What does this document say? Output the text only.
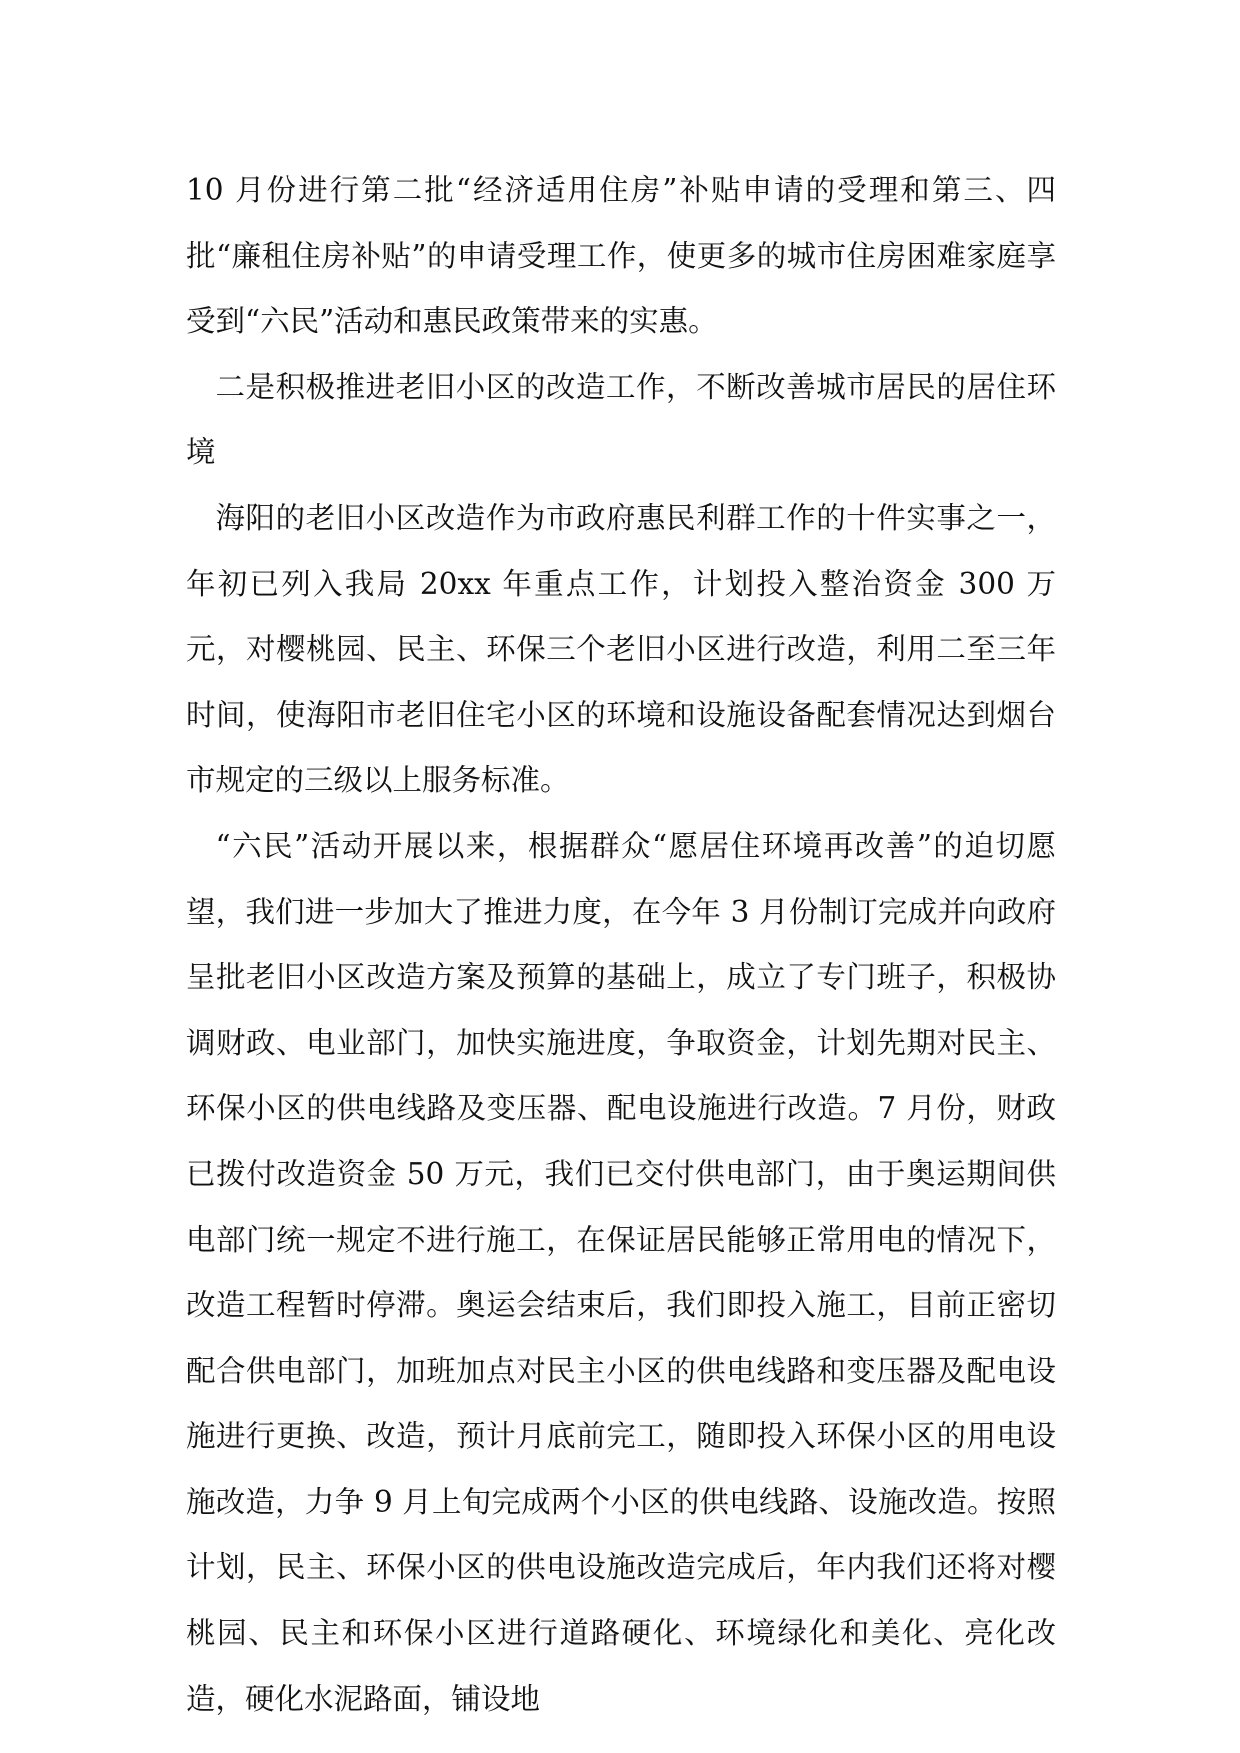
10 月份进行第二批“经济适用住房”补贴申请的受理和第三、四批“廉租住房补贴”的申请受理工作，使更多的城市住房困难家庭享受到“六民”活动和惠民政策带来的实惠。

二是积极推进老旧小区的改造工作，不断改善城市居民的居住环境

海阳的老旧小区改造作为市政府惠民利群工作的十件实事之一，年初已列入我局 20xx 年重点工作，计划投入整治资金 300 万元，对樱桃园、民主、环保三个老旧小区进行改造，利用二至三年时间，使海阳市老旧住宅小区的环境和设施设备配套情况达到烟台市规定的三级以上服务标准。

“六民”活动开展以来，根据群众“愿居住环境再改善”的迫切愿望，我们进一步加大了推进力度，在今年 3 月份制订完成并向政府呈批老旧小区改造方案及预算的基础上，成立了专门班子，积极协调财政、电业部门，加快实施进度，争取资金，计划先期对民主、环保小区的供电线路及变压器、配电设施进行改造。7 月份，财政已拨付改造资金 50 万元，我们已交付供电部门，由于奥运期间供电部门统一规定不进行施工，在保证居民能够正常用电的情况下，改造工程暂时停滞。奥运会结束后，我们即投入施工，目前正密切配合供电部门，加班加点对民主小区的供电线路和变压器及配电设施进行更换、改造，预计月底前完工，随即投入环保小区的用电设施改造，力争 9 月上旬完成两个小区的供电线路、设施改造。按照计划，民主、环保小区的供电设施改造完成后，年内我们还将对樱桃园、民主和环保小区进行道路硬化、环境绿化和美化、亮化改造，硬化水泥路面，铺设地
